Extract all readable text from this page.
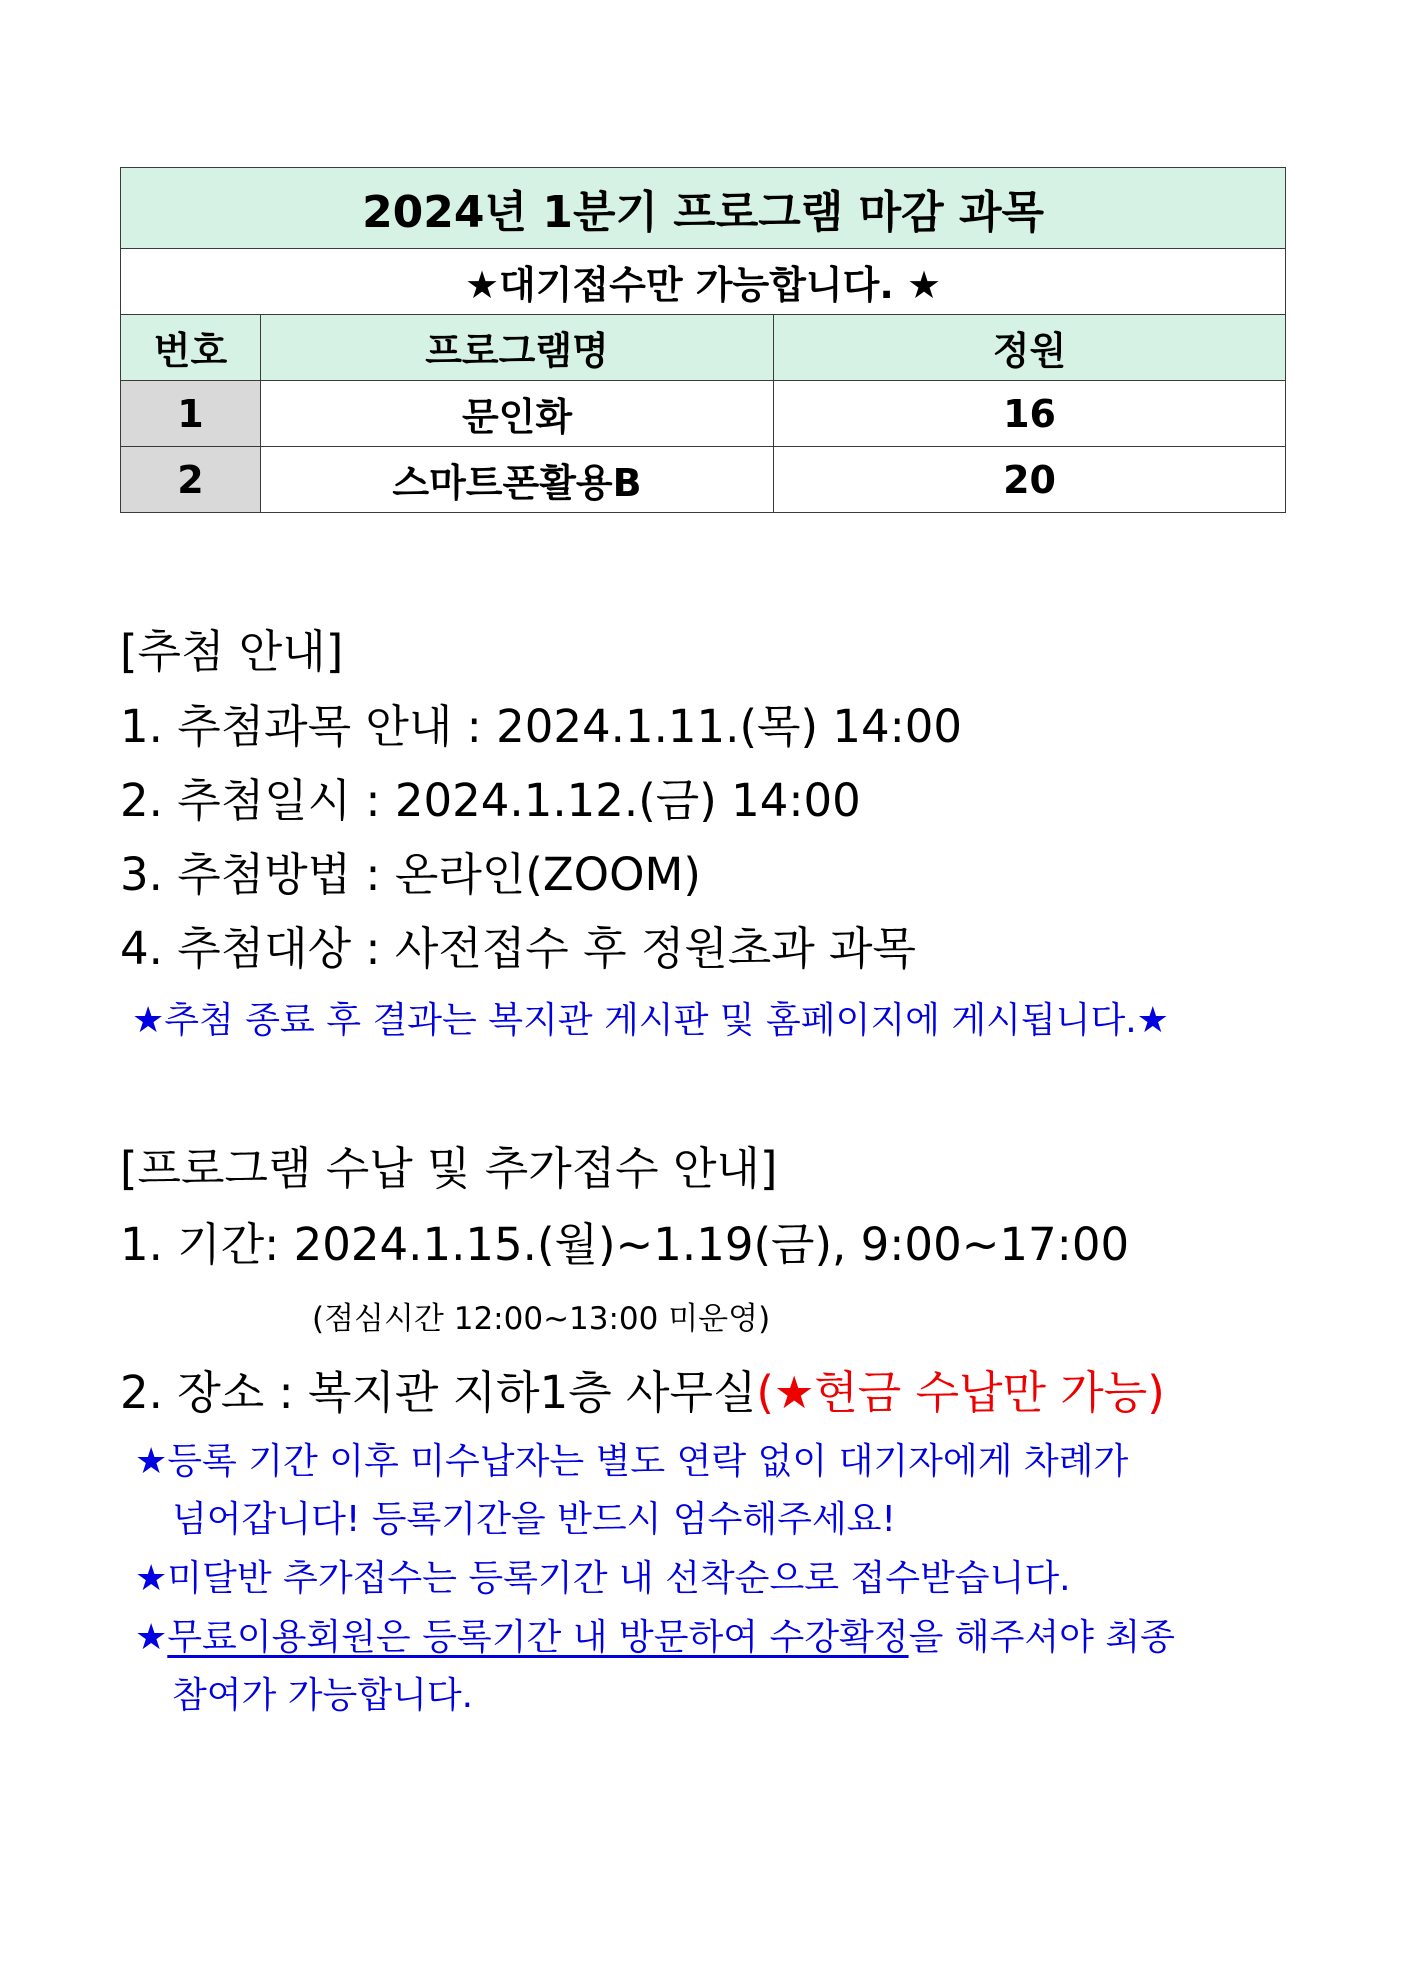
2024년 1분기 프로그램 마감 과목		
★대기접수만 가능합니다. ★		
번호	프로그램명	정원
1	문인화	16
2	스마트폰활용B	20
[추첨 안내]
1. 추첨과목 안내 : 2024.1.11.(목) 14:00
2. 추첨일시 : 2024.1.12.(금) 14:00
3. 추첨방법 : 온라인(ZOOM)
4. 추첨대상 : 사전접수 후 정원초과 과목
★추첨 종료 후 결과는 복지관 게시판 및 홈페이지에 게시됩니다.★
[프로그램 수납 및 추가접수 안내]
1. 기간: 2024.1.15.(월)~1.19(금), 9:00~17:00
(점심시간 12:00~13:00 미운영)
2. 장소 : 복지관 지하1층 사무실(★현금 수납만 가능)
★등록 기간 이후 미수납자는 별도 연락 없이 대기자에게 차례가
넘어갑니다! 등록기간을 반드시 엄수해주세요!
★미달반 추가접수는 등록기간 내 선착순으로 접수받습니다.
★무료이용회원은 등록기간 내 방문하여 수강확정을 해주셔야 최종
참여가 가능합니다.
